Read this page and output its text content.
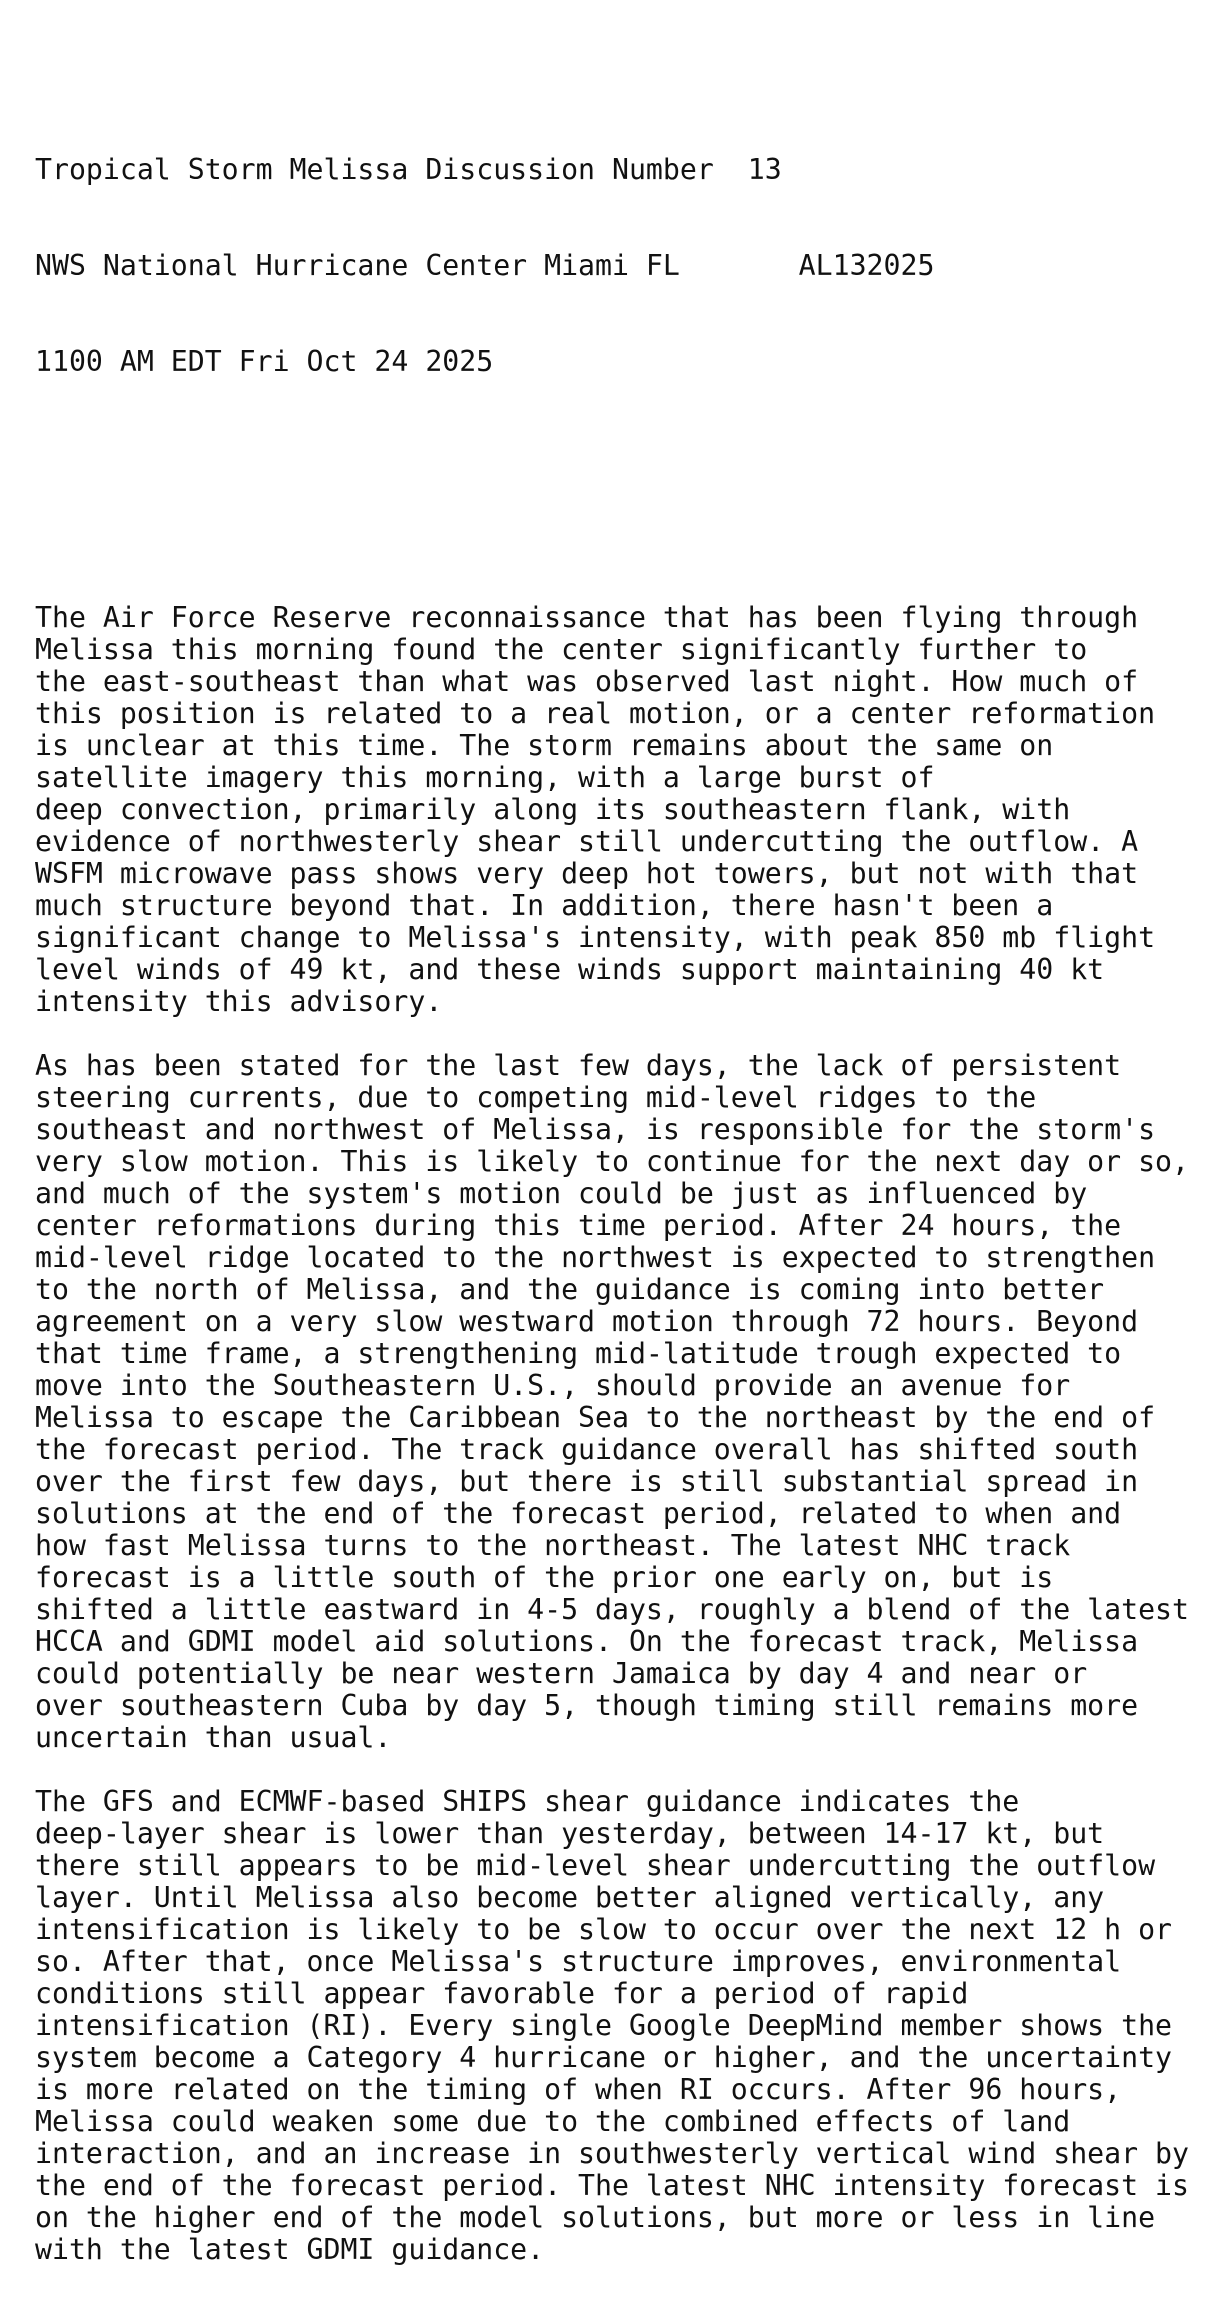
Tropical Storm Melissa Discussion Number  13

NWS National Hurricane Center Miami FL       AL132025

1100 AM EDT Fri Oct 24 2025

The Air Force Reserve reconnaissance that has been flying through
Melissa this morning found the center significantly further to
the east-southeast than what was observed last night. How much of
this position is related to a real motion, or a center reformation
is unclear at this time. The storm remains about the same on
satellite imagery this morning, with a large burst of
deep convection, primarily along its southeastern flank, with
evidence of northwesterly shear still undercutting the outflow. A
WSFM microwave pass shows very deep hot towers, but not with that
much structure beyond that. In addition, there hasn't been a
significant change to Melissa's intensity, with peak 850 mb flight
level winds of 49 kt, and these winds support maintaining 40 kt
intensity this advisory.
As has been stated for the last few days, the lack of persistent
steering currents, due to competing mid-level ridges to the
southeast and northwest of Melissa, is responsible for the storm's
very slow motion. This is likely to continue for the next day or so,
and much of the system's motion could be just as influenced by
center reformations during this time period. After 24 hours, the
mid-level ridge located to the northwest is expected to strengthen
to the north of Melissa, and the guidance is coming into better
agreement on a very slow westward motion through 72 hours. Beyond
that time frame, a strengthening mid-latitude trough expected to
move into the Southeastern U.S., should provide an avenue for
Melissa to escape the Caribbean Sea to the northeast by the end of
the forecast period. The track guidance overall has shifted south
over the first few days, but there is still substantial spread in
solutions at the end of the forecast period, related to when and
how fast Melissa turns to the northeast. The latest NHC track
forecast is a little south of the prior one early on, but is
shifted a little eastward in 4-5 days, roughly a blend of the latest
HCCA and GDMI model aid solutions. On the forecast track, Melissa
could potentially be near western Jamaica by day 4 and near or
over southeastern Cuba by day 5, though timing still remains more
uncertain than usual.
The GFS and ECMWF-based SHIPS shear guidance indicates the
deep-layer shear is lower than yesterday, between 14-17 kt, but
there still appears to be mid-level shear undercutting the outflow
layer. Until Melissa also become better aligned vertically, any
intensification is likely to be slow to occur over the next 12 h or
so. After that, once Melissa's structure improves, environmental
conditions still appear favorable for a period of rapid
intensification (RI). Every single Google DeepMind member shows the
system become a Category 4 hurricane or higher, and the uncertainty
is more related on the timing of when RI occurs. After 96 hours,
Melissa could weaken some due to the combined effects of land
interaction, and an increase in southwesterly vertical wind shear by
the end of the forecast period. The latest NHC intensity forecast is
on the higher end of the model solutions, but more or less in line
with the latest GDMI guidance.
